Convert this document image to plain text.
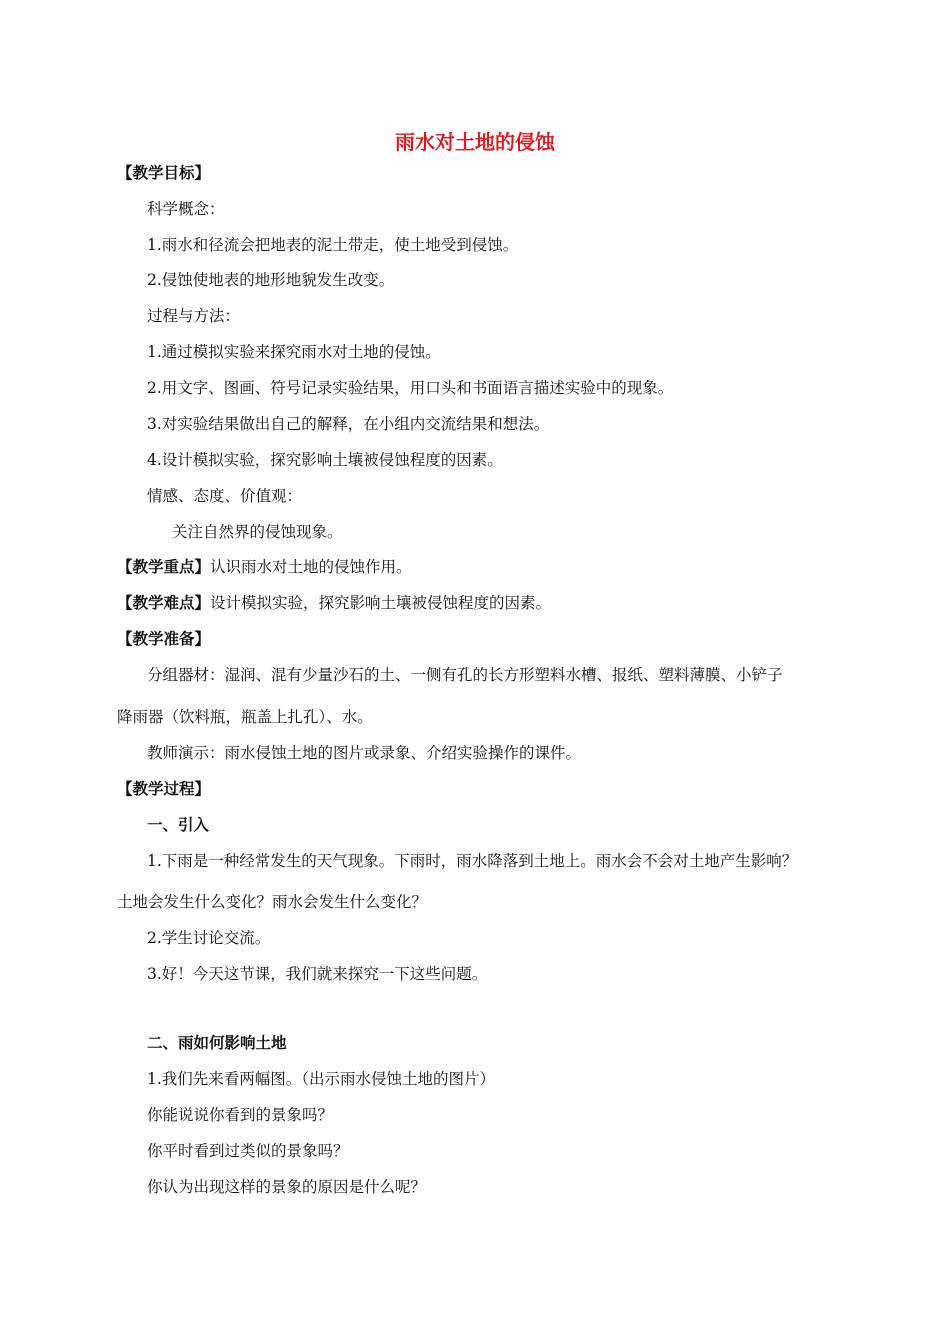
雨水对土地的侵蚀
【教学目标】
科学概念：
1.雨水和径流会把地表的泥土带走，使土地受到侵蚀。
2.侵蚀使地表的地形地貌发生改变。
过程与方法：
1.通过模拟实验来探究雨水对土地的侵蚀。
2.用文字、图画、符号记录实验结果，用口头和书面语言描述实验中的现象。
3.对实验结果做出自己的解释，在小组内交流结果和想法。
4.设计模拟实验，探究影响土壤被侵蚀程度的因素。
情感、态度、价值观：
关注自然界的侵蚀现象。
【教学重点】认识雨水对土地的侵蚀作用。
【教学难点】设计模拟实验，探究影响土壤被侵蚀程度的因素。
【教学准备】
分组器材：湿润、混有少量沙石的土、一侧有孔的长方形塑料水槽、报纸、塑料薄膜、小铲子
降雨器（饮料瓶，瓶盖上扎孔）、水。
教师演示：雨水侵蚀土地的图片或录象、介绍实验操作的课件。
【教学过程】
一、引入
1.下雨是一种经常发生的天气现象。下雨时，雨水降落到土地上。雨水会不会对土地产生影响？
土地会发生什么变化？雨水会发生什么变化？
2.学生讨论交流。
3.好！今天这节课，我们就来探究一下这些问题。
二、雨如何影响土地
1.我们先来看两幅图。（出示雨水侵蚀土地的图片）
你能说说你看到的景象吗？
你平时看到过类似的景象吗？
你认为出现这样的景象的原因是什么呢？
